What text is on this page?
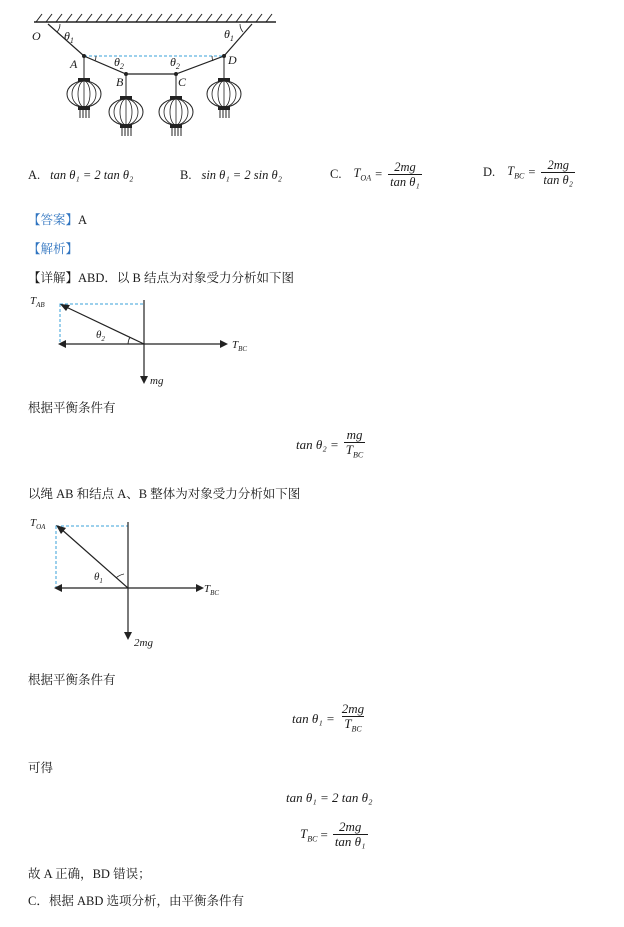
O
A
B	C
D
$\theta_1$	$\theta_1$
$\theta_2$	$\theta_2$
A. tan θ₁ = 2 tan θ₂	B. sin θ₁ = 2 sin θ₂	C. $T_{OA} = \frac{2mg}{\text{tan θ₁}}$	D. $T_{BC} = \frac{2mg}{\text{tan θ₂}}$
【答案】A
【解析】
【详解】ABD．以 B 结点为对象受力分析如下图
$T_{AB}$
$\theta_2$	$T_{BC}$
mg
根据平衡条件有
$\tan \theta_2 = \frac{mg}{T_{BC}}$
以绳 AB 和结点 A、B 整体为对象受力分析如下图
$T_{OA}$
$\theta_1$
$T_{BC}$
2mg
根据平衡条件有
$\tan \theta_1 = \frac{2mg}{T_{BC}}$
可得
tan θ₁ = 2 tan θ₂
$T_{BC} = \frac{2mg}{\text{tan θ₁}}$
故 A 正确，BD 错误；
C．根据 ABD 选项分析，由平衡条件有
